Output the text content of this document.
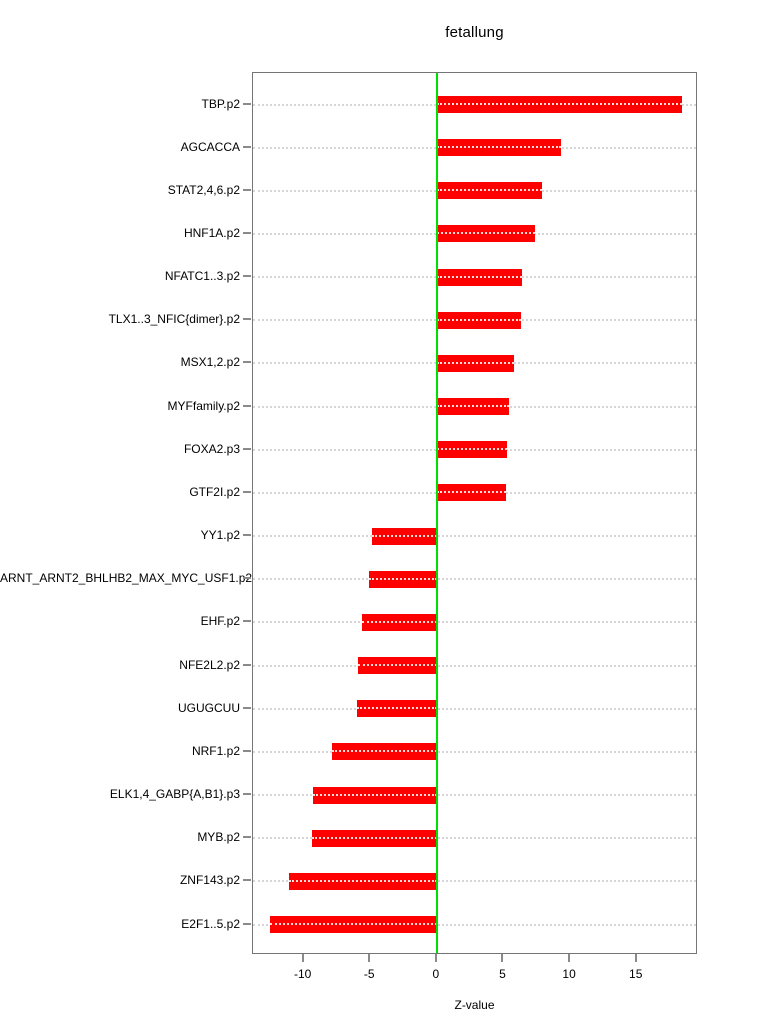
fetallung
TBP.p2
AGCACCA
STAT2,4,6.p2
HNF1A.p2
NFATC1..3.p2
TLX1..3_NFIC{dimer}.p2
MSX1,2.p2
MYFfamily.p2
FOXA2.p3
GTF2I.p2
YY1.p2
ARNT_ARNT2_BHLHB2_MAX_MYC_USF1.p2
EHF.p2
NFE2L2.p2
UGUGCUU
NRF1.p2
ELK1,4_GABP{A,B1}.p3
MYB.p2
ZNF143.p2
E2F1..5.p2
-10	-5	0	5	10	15
Z-value
